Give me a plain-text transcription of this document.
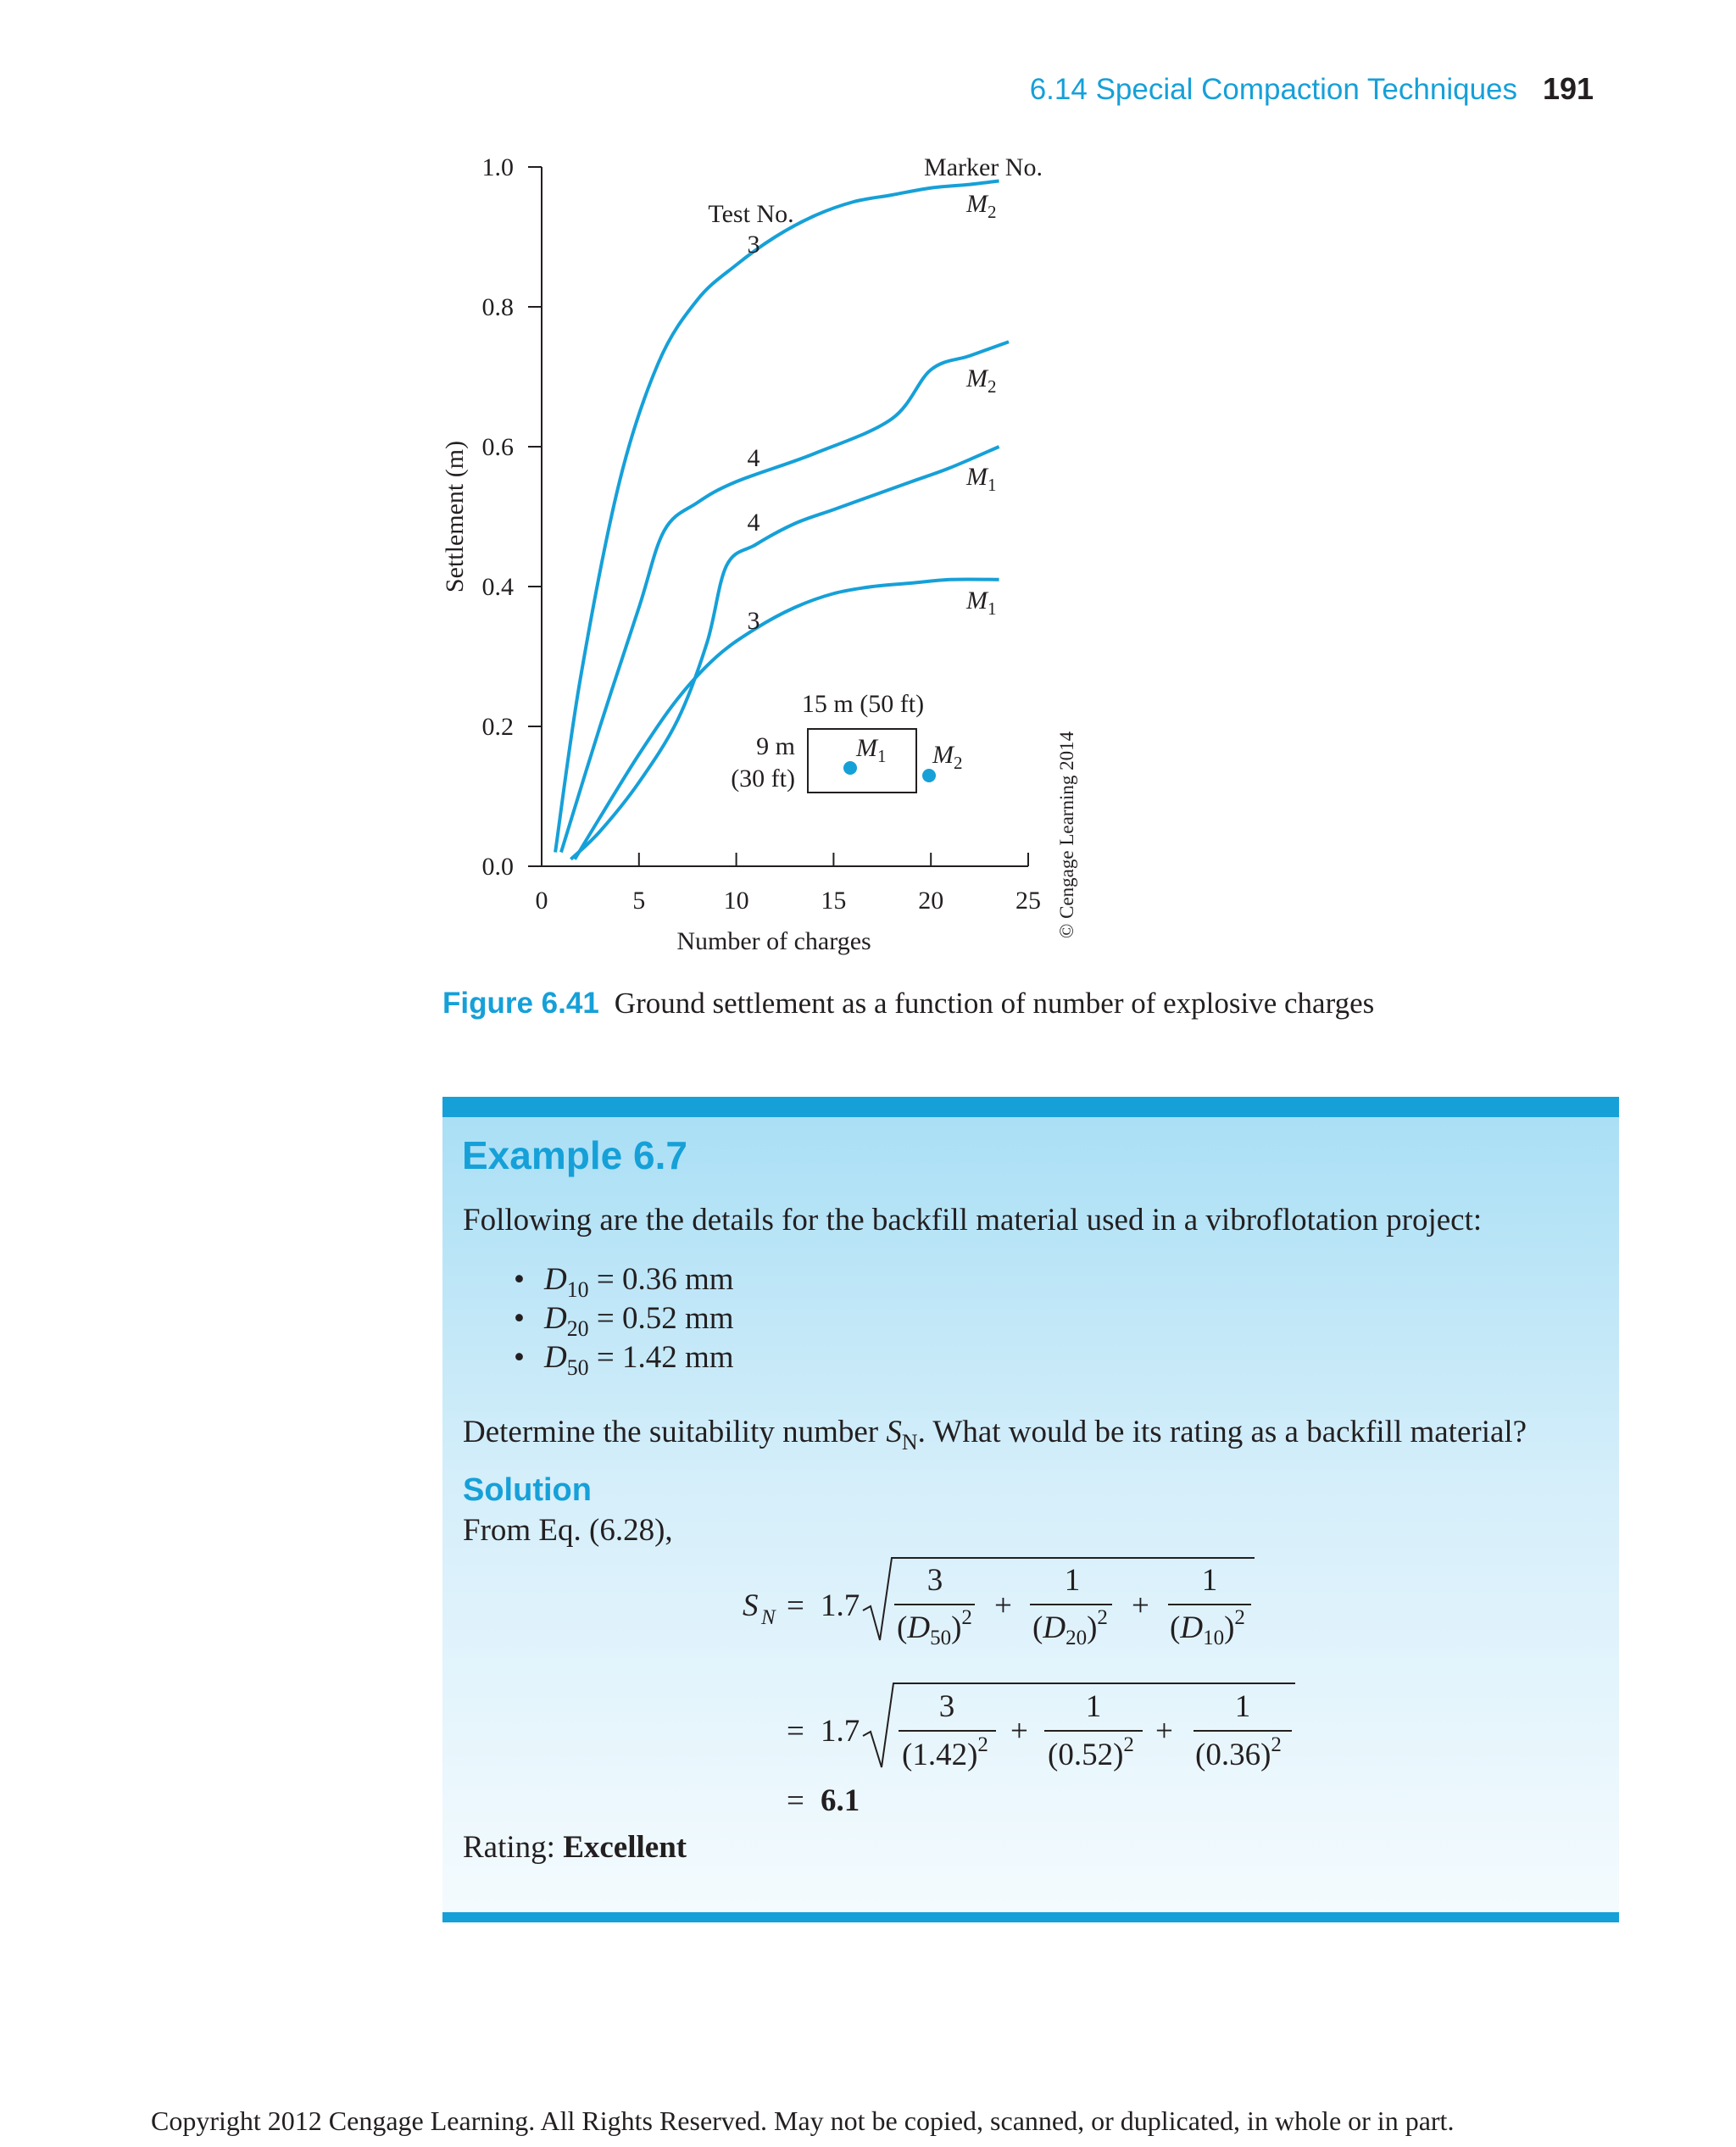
6.14 Special Compaction Techniques 191
0	5	10	15	20	25
0.0
0.2
0.4
0.6
0.8
1.0
Number of charges
Settlement (m)
© Cengage Learning 2014
Marker No.
Test No.
3
$M_2$
$M_2$
4
$M_1$
4
$M_1$
3
15 m (50 ft)
9 m
(30 ft)
$M_1$ $M_2$
Figure 6.41 Ground settlement as a function of number of explosive charges
Example 6.7
Following are the details for the backfill material used in a vibroflotation project:
• $D_{10} = 0.36$ mm
• $D_{20} = 0.52$ mm
• $D_{50} = 1.42$ mm
Determine the suitability number $S_N$. What would be its rating as a backfill material?
Solution
From Eq. (6.28),
S N = 1.7
3
$(D_{50})^2$ +
1
$(D_{20})^2$ +
1
$(D_{10})^2$
= 1.7
3
$(1.42)^2$ +
1
$(0.52)^2$ +
1
$(0.36)^2$
= 6.1
Rating: Excellent
Copyright 2012 Cengage Learning. All Rights Reserved. May not be copied, scanned, or duplicated, in whole or in part.
